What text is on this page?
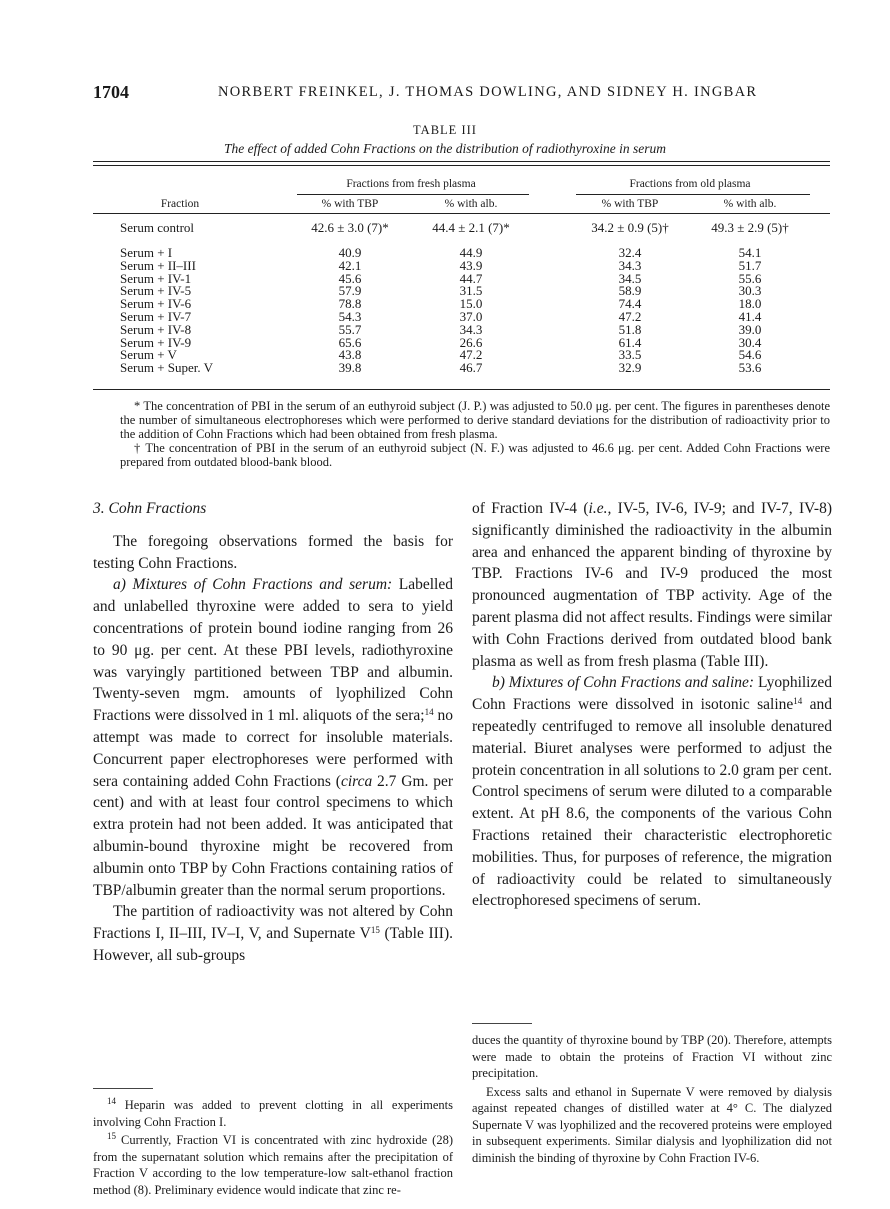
1704	NORBERT FREINKEL, J. THOMAS DOWLING, AND SIDNEY H. INGBAR
TABLE III
The effect of added Cohn Fractions on the distribution of radiothyroxine in serum
Fractions from fresh plasma	Fractions from old plasma
Fraction	% with TBP	% with alb.	% with TBP	% with alb.
Serum control	42.6 ± 3.0 (7)*	44.4 ± 2.1 (7)*	34.2 ± 0.9 (5)†	49.3 ± 2.9 (5)†
Serum + I	40.9	44.9	32.4	54.1
Serum + II–III	42.1	43.9	34.3	51.7
Serum + IV-1	45.6	44.7	34.5	55.6
Serum + IV-5	57.9	31.5	58.9	30.3
Serum + IV-6	78.8	15.0	74.4	18.0
Serum + IV-7	54.3	37.0	47.2	41.4
Serum + IV-8	55.7	34.3	51.8	39.0
Serum + IV-9	65.6	26.6	61.4	30.4
Serum + V	43.8	47.2	33.5	54.6
Serum + Super. V	39.8	46.7	32.9	53.6

* The concentration of PBI in the serum of an euthyroid subject (J. P.) was adjusted to 50.0 μg. per cent. The figures in parentheses denote the number of simultaneous electrophoreses which were performed to derive standard deviations for the distribution of radioactivity prior to the addition of Cohn Fractions which had been obtained from fresh plasma.

† The concentration of PBI in the serum of an euthyroid subject (N. F.) was adjusted to 46.6 μg. per cent. Added Cohn Fractions were prepared from outdated blood-bank blood.

3. Cohn Fractions

The foregoing observations formed the basis for testing Cohn Fractions.

a) Mixtures of Cohn Fractions and serum: Labelled and unlabelled thyroxine were added to sera to yield concentrations of protein bound iodine ranging from 26 to 90 μg. per cent. At these PBI levels, radiothyroxine was varyingly partitioned between TBP and albumin. Twenty-seven mgm. amounts of lyophilized Cohn Fractions were dissolved in 1 ml. aliquots of the sera;$^{14}$ no attempt was made to correct for insoluble materials. Concurrent paper electrophoreses were performed with sera containing added Cohn Fractions (circa 2.7 Gm. per cent) and with at least four control specimens to which extra protein had not been added. It was anticipated that albumin-bound thyroxine might be recovered from albumin onto TBP by Cohn Fractions containing ratios of TBP/albumin greater than the normal serum proportions.

The partition of radioactivity was not altered by Cohn Fractions I, II–III, IV–I, V, and Supernate $V^{15}$ (Table III). However, all sub-groups

of Fraction IV-4 (i.e., IV-5, IV-6, IV-9; and IV-7, IV-8) significantly diminished the radioactivity in the albumin area and enhanced the apparent binding of thyroxine by TBP. Fractions IV-6 and IV-9 produced the most pronounced augmentation of TBP activity. Age of the parent plasma did not affect results. Findings were similar with Cohn Fractions derived from outdated blood bank plasma as well as from fresh plasma (Table III).

b) Mixtures of Cohn Fractions and saline: Lyophilized Cohn Fractions were dissolved in isotonic saline$^{14}$ and repeatedly centrifuged to remove all insoluble denatured material. Biuret analyses were performed to adjust the protein concentration in all solutions to 2.0 gram per cent. Control specimens of serum were diluted to a comparable extent. At pH 8.6, the components of the various Cohn Fractions retained their characteristic electrophoretic mobilities. Thus, for purposes of reference, the migration of radioactivity could be related to simultaneously electrophoresed specimens of serum.

$^{14}$ Heparin was added to prevent clotting in all experiments involving Cohn Fraction I.

$^{15}$ Currently, Fraction VI is concentrated with zinc hydroxide (28) from the supernatant solution which remains after the precipitation of Fraction V according to the low temperature-low salt-ethanol fraction method (8). Preliminary evidence would indicate that zinc re-

duces the quantity of thyroxine bound by TBP (20). Therefore, attempts were made to obtain the proteins of Fraction VI without zinc precipitation.

Excess salts and ethanol in Supernate V were removed by dialysis against repeated changes of distilled water at 4° C. The dialyzed Supernate V was lyophilized and the recovered proteins were employed in subsequent experiments. Similar dialysis and lyophilization did not diminish the binding of thyroxine by Cohn Fraction IV-6.
